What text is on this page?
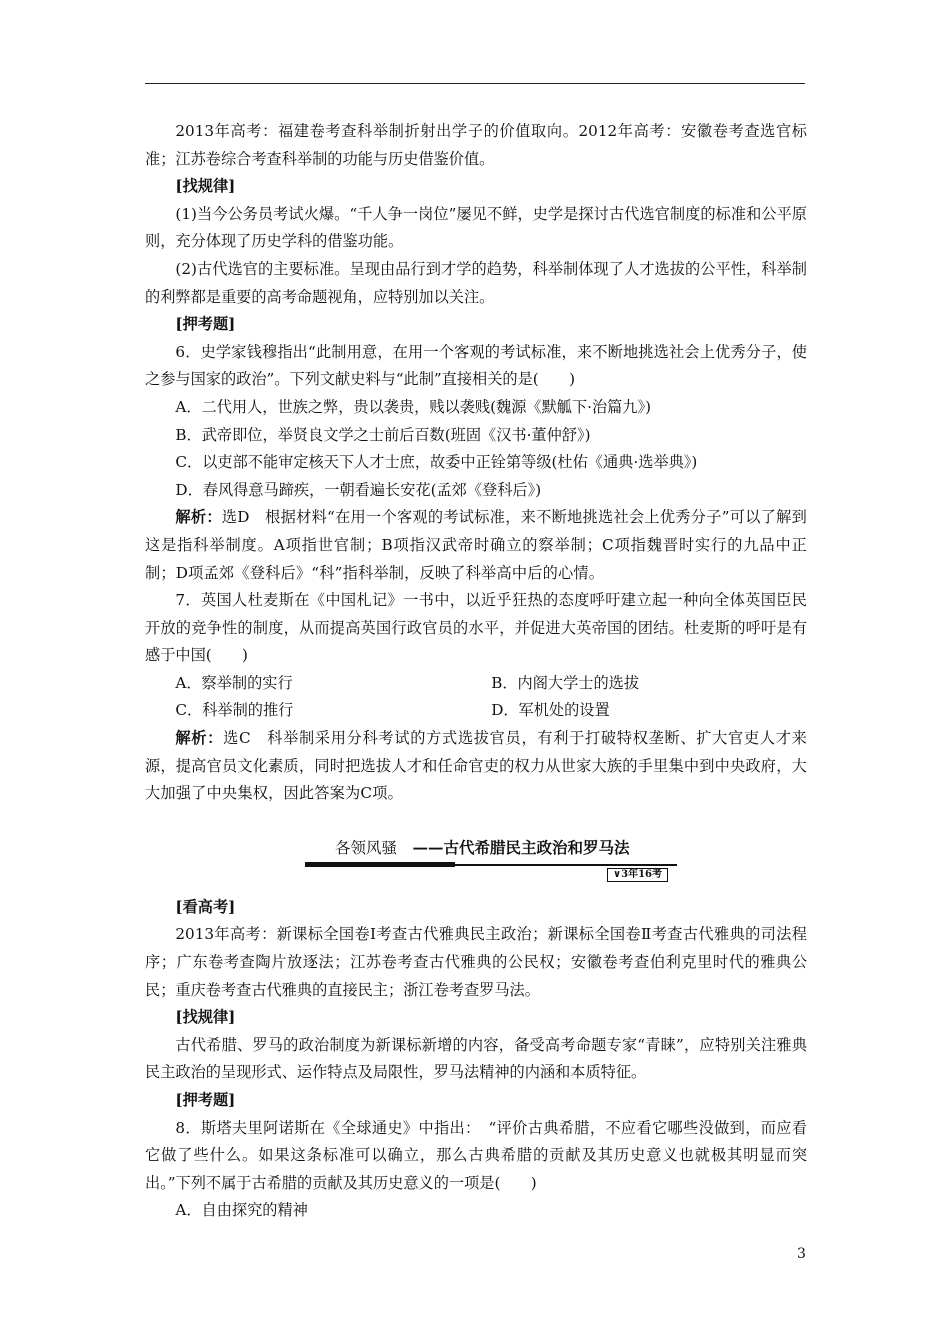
2013年高考：福建卷考查科举制折射出学子的价值取向。2012年高考：安徽卷考查选官标准；江苏卷综合考查科举制的功能与历史借鉴价值。

[找规律]

(1)当今公务员考试火爆。“千人争一岗位”屡见不鲜，史学是探讨古代选官制度的标准和公平原则，充分体现了历史学科的借鉴功能。

(2)古代选官的主要标准。呈现由品行到才学的趋势，科举制体现了人才选拔的公平性，科举制的利弊都是重要的高考命题视角，应特别加以关注。

[押考题]

6．史学家钱穆指出“此制用意，在用一个客观的考试标准，来不断地挑选社会上优秀分子，使之参与国家的政治”。下列文献史料与“此制”直接相关的是(　　)

A．二代用人，世族之弊，贵以袭贵，贱以袭贱(魏源《默觚下·治篇九》)

B．武帝即位，举贤良文学之士前后百数(班固《汉书·董仲舒》)

C．以吏部不能审定核天下人才士庶，故委中正铨第等级(杜佑《通典·选举典》)

D．春风得意马蹄疾，一朝看遍长安花(孟郊《登科后》)

解析：选D　根据材料“在用一个客观的考试标准，来不断地挑选社会上优秀分子”可以了解到这是指科举制度。A项指世官制；B项指汉武帝时确立的察举制；C项指魏晋时实行的九品中正制；D项孟郊《登科后》“科”指科举制，反映了科举高中后的心情。

7．英国人杜麦斯在《中国札记》一书中，以近乎狂热的态度呼吁建立起一种向全体英国臣民开放的竞争性的制度，从而提高英国行政官员的水平，并促进大英帝国的团结。杜麦斯的呼吁是有感于中国(　　)

A．察举制的实行	B．内阁大学士的选拔
C．科举制的推行	D．军机处的设置

解析：选C　科举制采用分科考试的方式选拔官员，有利于打破特权垄断、扩大官吏人才来源，提高官员文化素质，同时把选拔人才和任命官吏的权力从世家大族的手里集中到中央政府，大大加强了中央集权，因此答案为C项。

各领风骚　——古代希腊民主政治和罗马法
∨3年16考

[看高考]

2013年高考：新课标全国卷Ⅰ考查古代雅典民主政治；新课标全国卷Ⅱ考查古代雅典的司法程序；广东卷考查陶片放逐法；江苏卷考查古代雅典的公民权；安徽卷考查伯利克里时代的雅典公民；重庆卷考查古代雅典的直接民主；浙江卷考查罗马法。

[找规律]

古代希腊、罗马的政治制度为新课标新增的内容，备受高考命题专家“青睐”，应特别关注雅典民主政治的呈现形式、运作特点及局限性，罗马法精神的内涵和本质特征。

[押考题]

8．斯塔夫里阿诺斯在《全球通史》中指出：　“评价古典希腊，不应看它哪些没做到，而应看它做了些什么。如果这条标准可以确立，那么古典希腊的贡献及其历史意义也就极其明显而突出。”下列不属于古希腊的贡献及其历史意义的一项是(　　)

A．自由探究的精神

3
